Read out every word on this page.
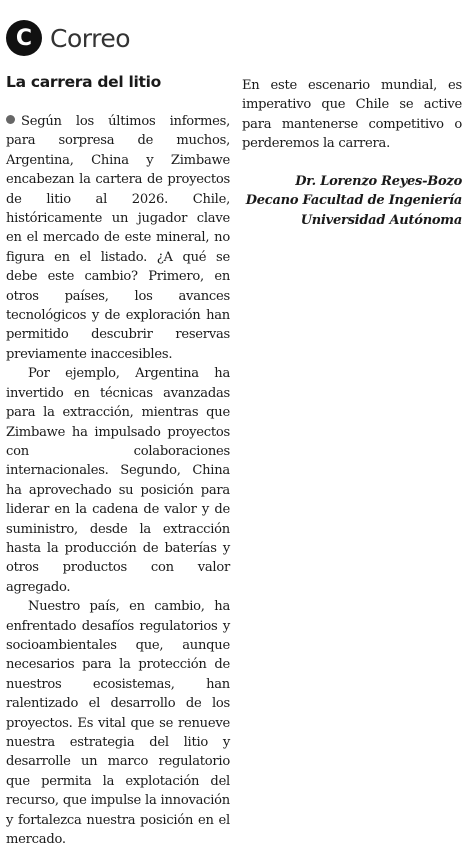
C Correo
La carrera del litio

Según los últimos informes, para sorpresa de muchos, Argentina, China y Zimbawe encabezan la cartera de proyectos de litio al 2026. Chile, históricamente un jugador clave en el mercado de este mineral, no figura en el listado. ¿A qué se debe este cambio? Primero, en otros países, los avances tecnológicos y de exploración han permitido descubrir reservas previamente inaccesibles.

Por ejemplo, Argentina ha invertido en técnicas avanzadas para la extracción, mientras que Zimbawe ha impulsado proyectos con colaboraciones internacionales. Segundo, China ha aprovechado su posición para liderar en la cadena de valor y de suministro, desde la extracción hasta la producción de baterías y otros productos con valor agregado.

Nuestro país, en cambio, ha enfrentado desafíos regulatorios y socioambientales que, aunque necesarios para la protección de nuestros ecosistemas, han ralentizado el desarrollo de los proyectos. Es vital que se renueve nuestra estrategia del litio y desarrolle un marco regulatorio que permita la explotación del recurso, que impulse la innovación y fortalezca nuestra posición en el mercado.

En este escenario mundial, es imperativo que Chile se active para mantenerse competitivo o perderemos la carrera.

Dr. Lorenzo Reyes-Bozo
Decano Facultad de Ingeniería
Universidad Autónoma
